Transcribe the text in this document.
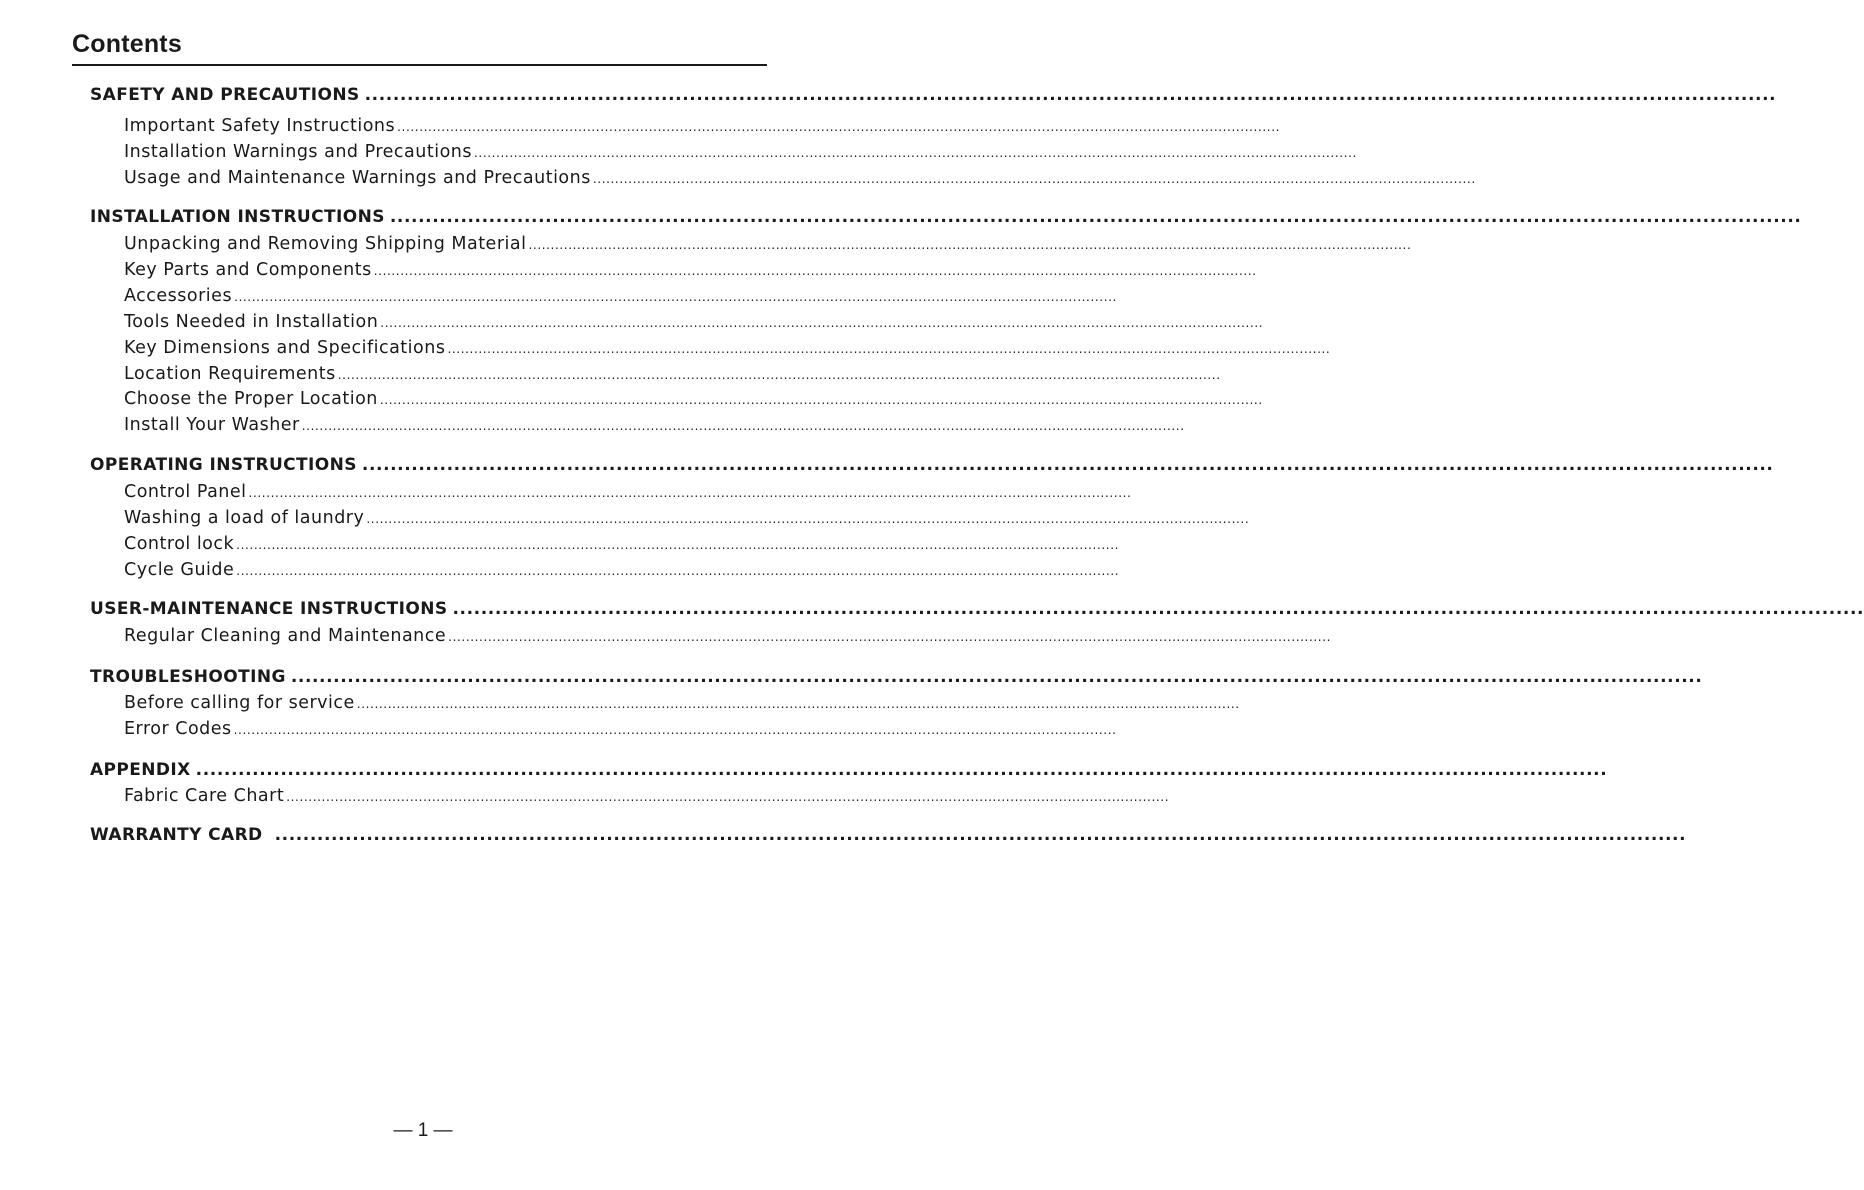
Contents
SAFETY AND PRECAUTIONS ........................................................................................................................................................................................................
Important Safety Instructions ........................................................................................................................................................................................................
Installation Warnings and Precautions ........................................................................................................................................................................................................
Usage and Maintenance Warnings and Precautions ........................................................................................................................................................................................................
INSTALLATION INSTRUCTIONS ........................................................................................................................................................................................................
Unpacking and Removing Shipping Material ........................................................................................................................................................................................................
Key Parts and Components ........................................................................................................................................................................................................
Accessories ........................................................................................................................................................................................................
Tools Needed in Installation ........................................................................................................................................................................................................
Key Dimensions and Specifications ........................................................................................................................................................................................................
Location Requirements ........................................................................................................................................................................................................
Choose the Proper Location ........................................................................................................................................................................................................
Install Your Washer ........................................................................................................................................................................................................
OPERATING INSTRUCTIONS ........................................................................................................................................................................................................
Control Panel ........................................................................................................................................................................................................
Washing a load of laundry ........................................................................................................................................................................................................
Control lock ........................................................................................................................................................................................................
Cycle Guide ........................................................................................................................................................................................................
USER-MAINTENANCE INSTRUCTIONS ........................................................................................................................................................................................................
Regular Cleaning and Maintenance ........................................................................................................................................................................................................
TROUBLESHOOTING ........................................................................................................................................................................................................
Before calling for service ........................................................................................................................................................................................................
Error Codes ........................................................................................................................................................................................................
APPENDIX ........................................................................................................................................................................................................
Fabric Care Chart ........................................................................................................................................................................................................
WARRANTY CARD ........................................................................................................................................................................................................
— 1 —
